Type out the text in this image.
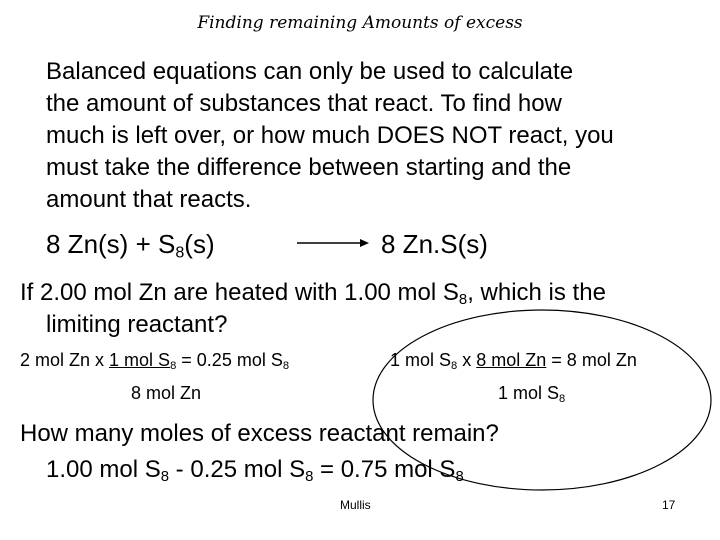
Finding remaining Amounts of excess
Balanced equations can only be used to calculate
the amount of substances that react. To find how
much is left over, or how much DOES NOT react, you
must take the difference between starting and the
amount that reacts.
8 $Zn(s) + S_8(s)$	8 Zn.S(s)
If 2.00 mol Zn are heated with 1.00 mol $S_8$, which is the
limiting reactant?
2 mol Zn x 1 mol $S_8 = 0.25$ mol $S_8$
8 mol Zn
1 mol $S_8$ x 8 mol Zn = 8 mol Zn
1 mol $S_8$
How many moles of excess reactant remain?
1.00 mol $S_8 - 0.25$ mol $S_8 = 0.75$ mol $S_8$
Mullis	17
